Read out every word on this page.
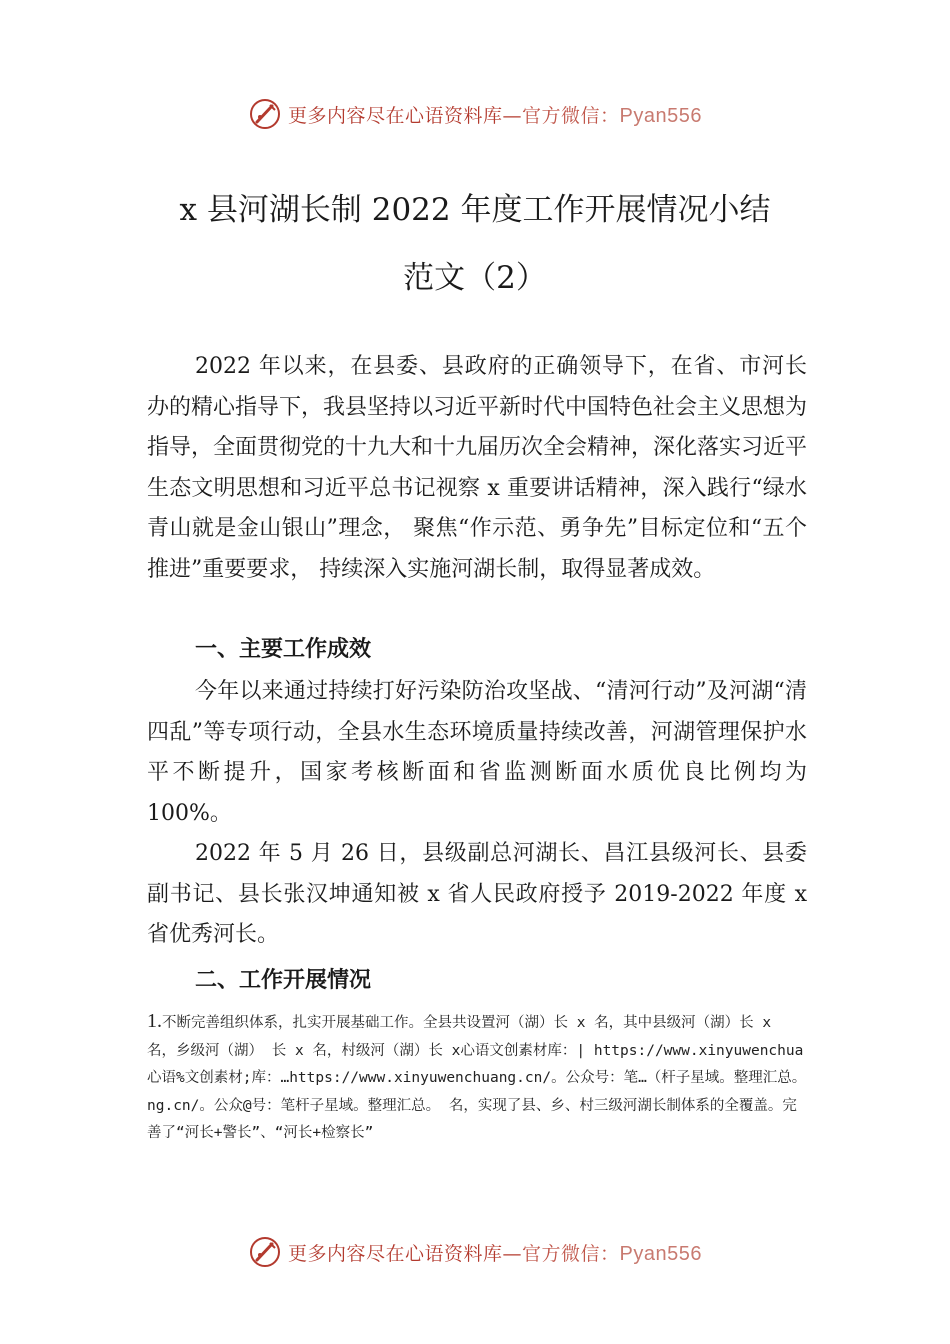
更多内容尽在心语资料库—官方微信：Pyan556
x 县河湖长制 2022 年度工作开展情况小结
范文（2）

2022 年以来，在县委、县政府的正确领导下，在省、市河长办的精心指导下，我县坚持以习近平新时代中国特色社会主义思想为指导，全面贯彻党的十九大和十九届历次全会精神，深化落实习近平生态文明思想和习近平总书记视察 x 重要讲话精神，深入践行“绿水青山就是金山银山”理念， 聚焦“作示范、勇争先”目标定位和“五个推进”重要要求， 持续深入实施河湖长制，取得显著成效。

一、主要工作成效

今年以来通过持续打好污染防治攻坚战、“清河行动”及河湖“清四乱”等专项行动，全县水生态环境质量持续改善，河湖管理保护水平不断提升，国家考核断面和省监测断面水质优良比例均为 100%。

2022 年 5 月 26 日，县级副总河湖长、昌江县级河长、县委副书记、县长张汉坤通知被 x 省人民政府授予 2019-2022 年度 x 省优秀河长。

二、工作开展情况

1.不断完善组织体系，扎实开展基础工作。全县共设置河（湖）长 x 名，其中县级河（湖）长 x 名，乡级河（湖） 长 x 名，村级河（湖）长 x心语文创素材库：| https://www.xinyuwenchua心语%文创素材;库：…https://www.xinyuwenchuang.cn/。公众号：笔…（杆子星域。整理汇总。ng.cn/。公众@号：笔杆子星域。整理汇总。 名，实现了县、乡、村三级河湖长制体系的全覆盖。完善了“河长+警长”、“河长+检察长”

更多内容尽在心语资料库—官方微信：Pyan556
